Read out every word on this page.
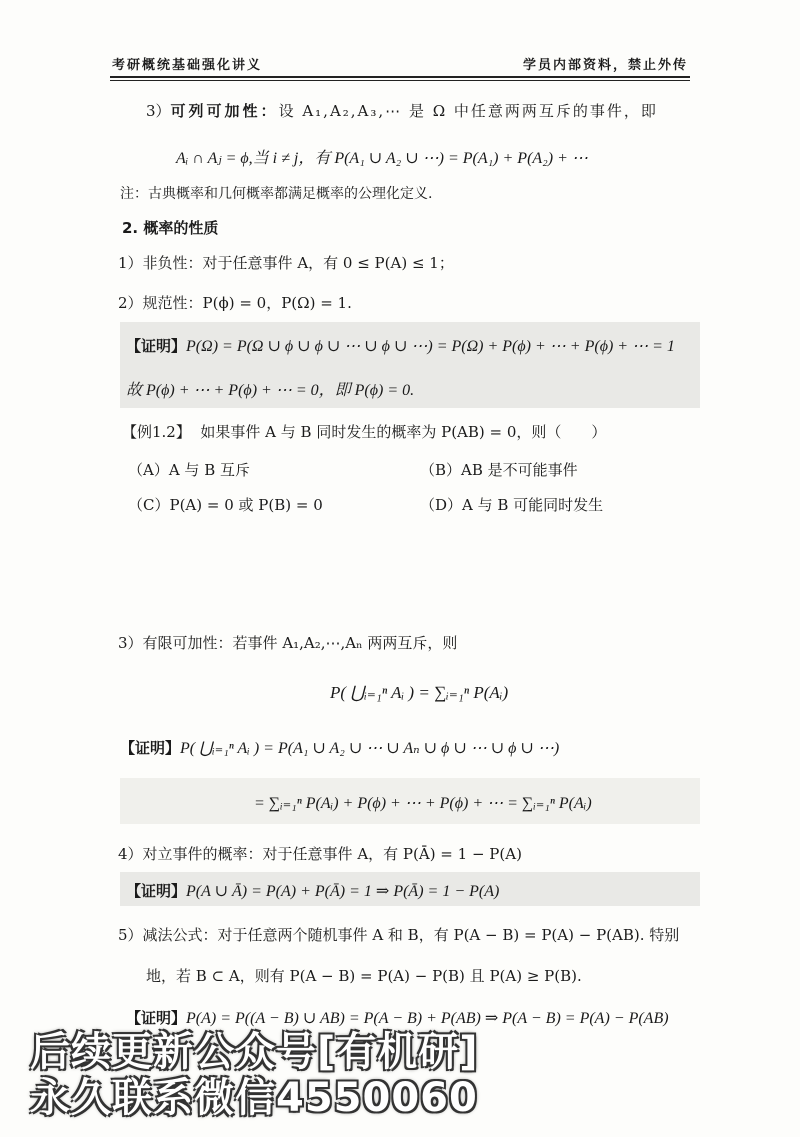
考研概统基础强化讲义	学员内部资料，禁止外传
3）可列可加性：设 A₁,A₂,A₃,⋯ 是 Ω 中任意两两互斥的事件，即
Aᵢ ∩ Aⱼ = ϕ,当 i ≠ j，有 P(A₁ ∪ A₂ ∪ ⋯) = P(A₁) + P(A₂) + ⋯
注：古典概率和几何概率都满足概率的公理化定义.
2. 概率的性质
1）非负性：对于任意事件 A，有 0 ≤ P(A) ≤ 1；
2）规范性：P(ϕ) = 0，P(Ω) = 1.
【证明】P(Ω) = P(Ω ∪ ϕ ∪ ϕ ∪ ⋯ ∪ ϕ ∪ ⋯) = P(Ω) + P(ϕ) + ⋯ + P(ϕ) + ⋯ = 1
故 P(ϕ) + ⋯ + P(ϕ) + ⋯ = 0，即 P(ϕ) = 0.
【例1.2】 如果事件 A 与 B 同时发生的概率为 P(AB) = 0，则（　　）
（A）A 与 B 互斥	（B）AB 是不可能事件
（C）P(A) = 0 或 P(B) = 0	（D）A 与 B 可能同时发生
3）有限可加性：若事件 A₁,A₂,⋯,Aₙ 两两互斥，则
P( ⋃ᵢ₌₁ⁿ Aᵢ ) = ∑ᵢ₌₁ⁿ P(Aᵢ)
【证明】P( ⋃ᵢ₌₁ⁿ Aᵢ ) = P(A₁ ∪ A₂ ∪ ⋯ ∪ Aₙ ∪ ϕ ∪ ⋯ ∪ ϕ ∪ ⋯)
= ∑ᵢ₌₁ⁿ P(Aᵢ) + P(ϕ) + ⋯ + P(ϕ) + ⋯ = ∑ᵢ₌₁ⁿ P(Aᵢ)
4）对立事件的概率：对于任意事件 A，有 P(Ā) = 1 − P(A)
【证明】P(A ∪ Ā) = P(A) + P(Ā) = 1 ⇒ P(Ā) = 1 − P(A)
5）减法公式：对于任意两个随机事件 A 和 B，有 P(A − B) = P(A) − P(AB). 特别
地，若 B ⊂ A，则有 P(A − B) = P(A) − P(B) 且 P(A) ≥ P(B).
【证明】P(A) = P((A − B) ∪ AB) = P(A − B) + P(AB) ⇒ P(A − B) = P(A) − P(AB)
后续更新公众号[有机研]
永久联系微信4550060
